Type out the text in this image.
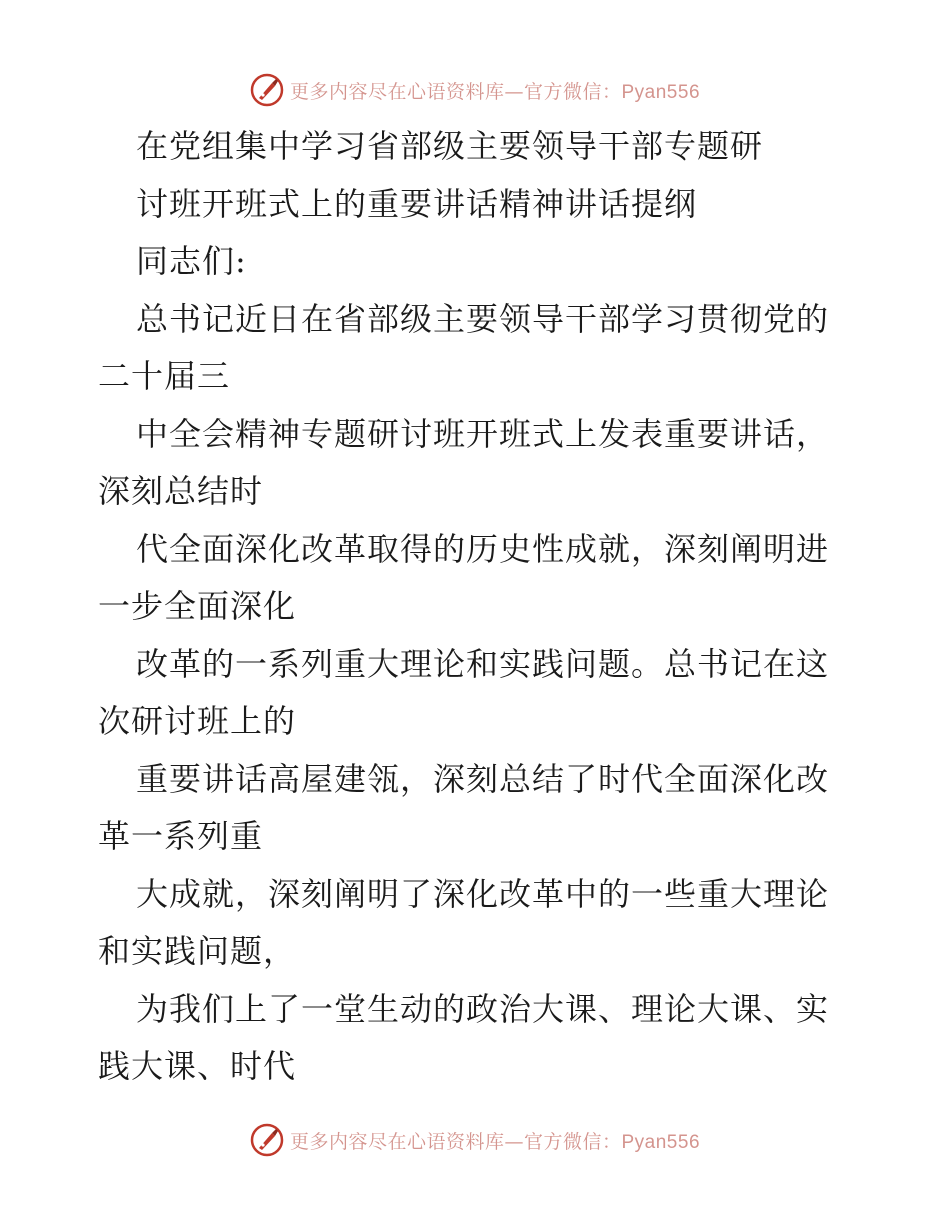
更多内容尽在心语资料库—官方微信：Pyan556
在党组集中学习省部级主要领导干部专题研
讨班开班式上的重要讲话精神讲话提纲
同志们:
总书记近日在省部级主要领导干部学习贯彻党的
二十届三
中全会精神专题研讨班开班式上发表重要讲话，
深刻总结时
代全面深化改革取得的历史性成就，深刻阐明进
一步全面深化
改革的一系列重大理论和实践问题。总书记在这
次研讨班上的
重要讲话高屋建瓴，深刻总结了时代全面深化改
革一系列重
大成就，深刻阐明了深化改革中的一些重大理论
和实践问题，
为我们上了一堂生动的政治大课、理论大课、实
践大课、时代
更多内容尽在心语资料库—官方微信：Pyan556
